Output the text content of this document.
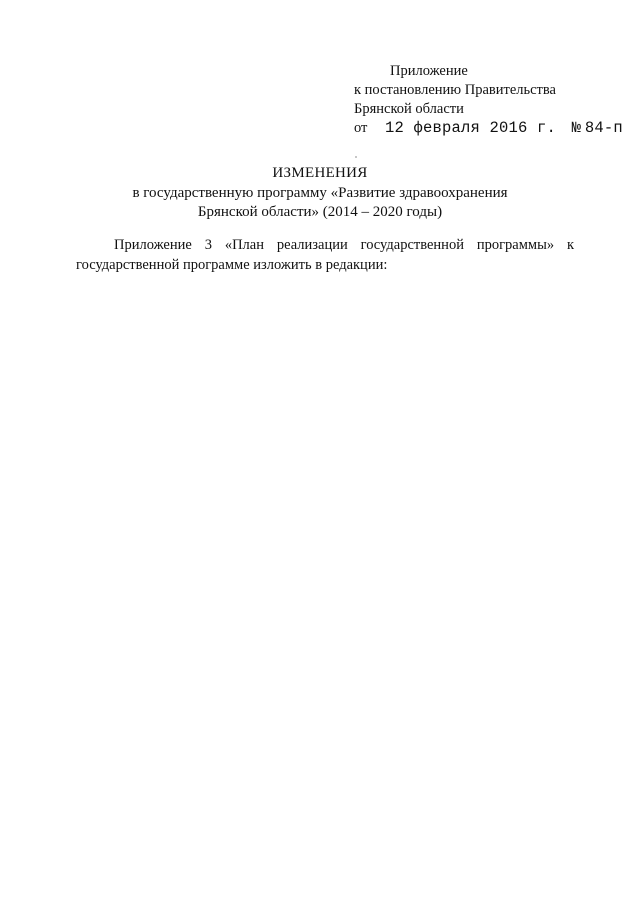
Приложение
к постановлению Правительства
Брянской области
от 12 февраля 2016 г. № 84-п
ИЗМЕНЕНИЯ
в государственную программу «Развитие здравоохранения
Брянской области» (2014 – 2020 годы)
Приложение 3 «План реализации государственной программы» к
государственной программе изложить в редакции:
